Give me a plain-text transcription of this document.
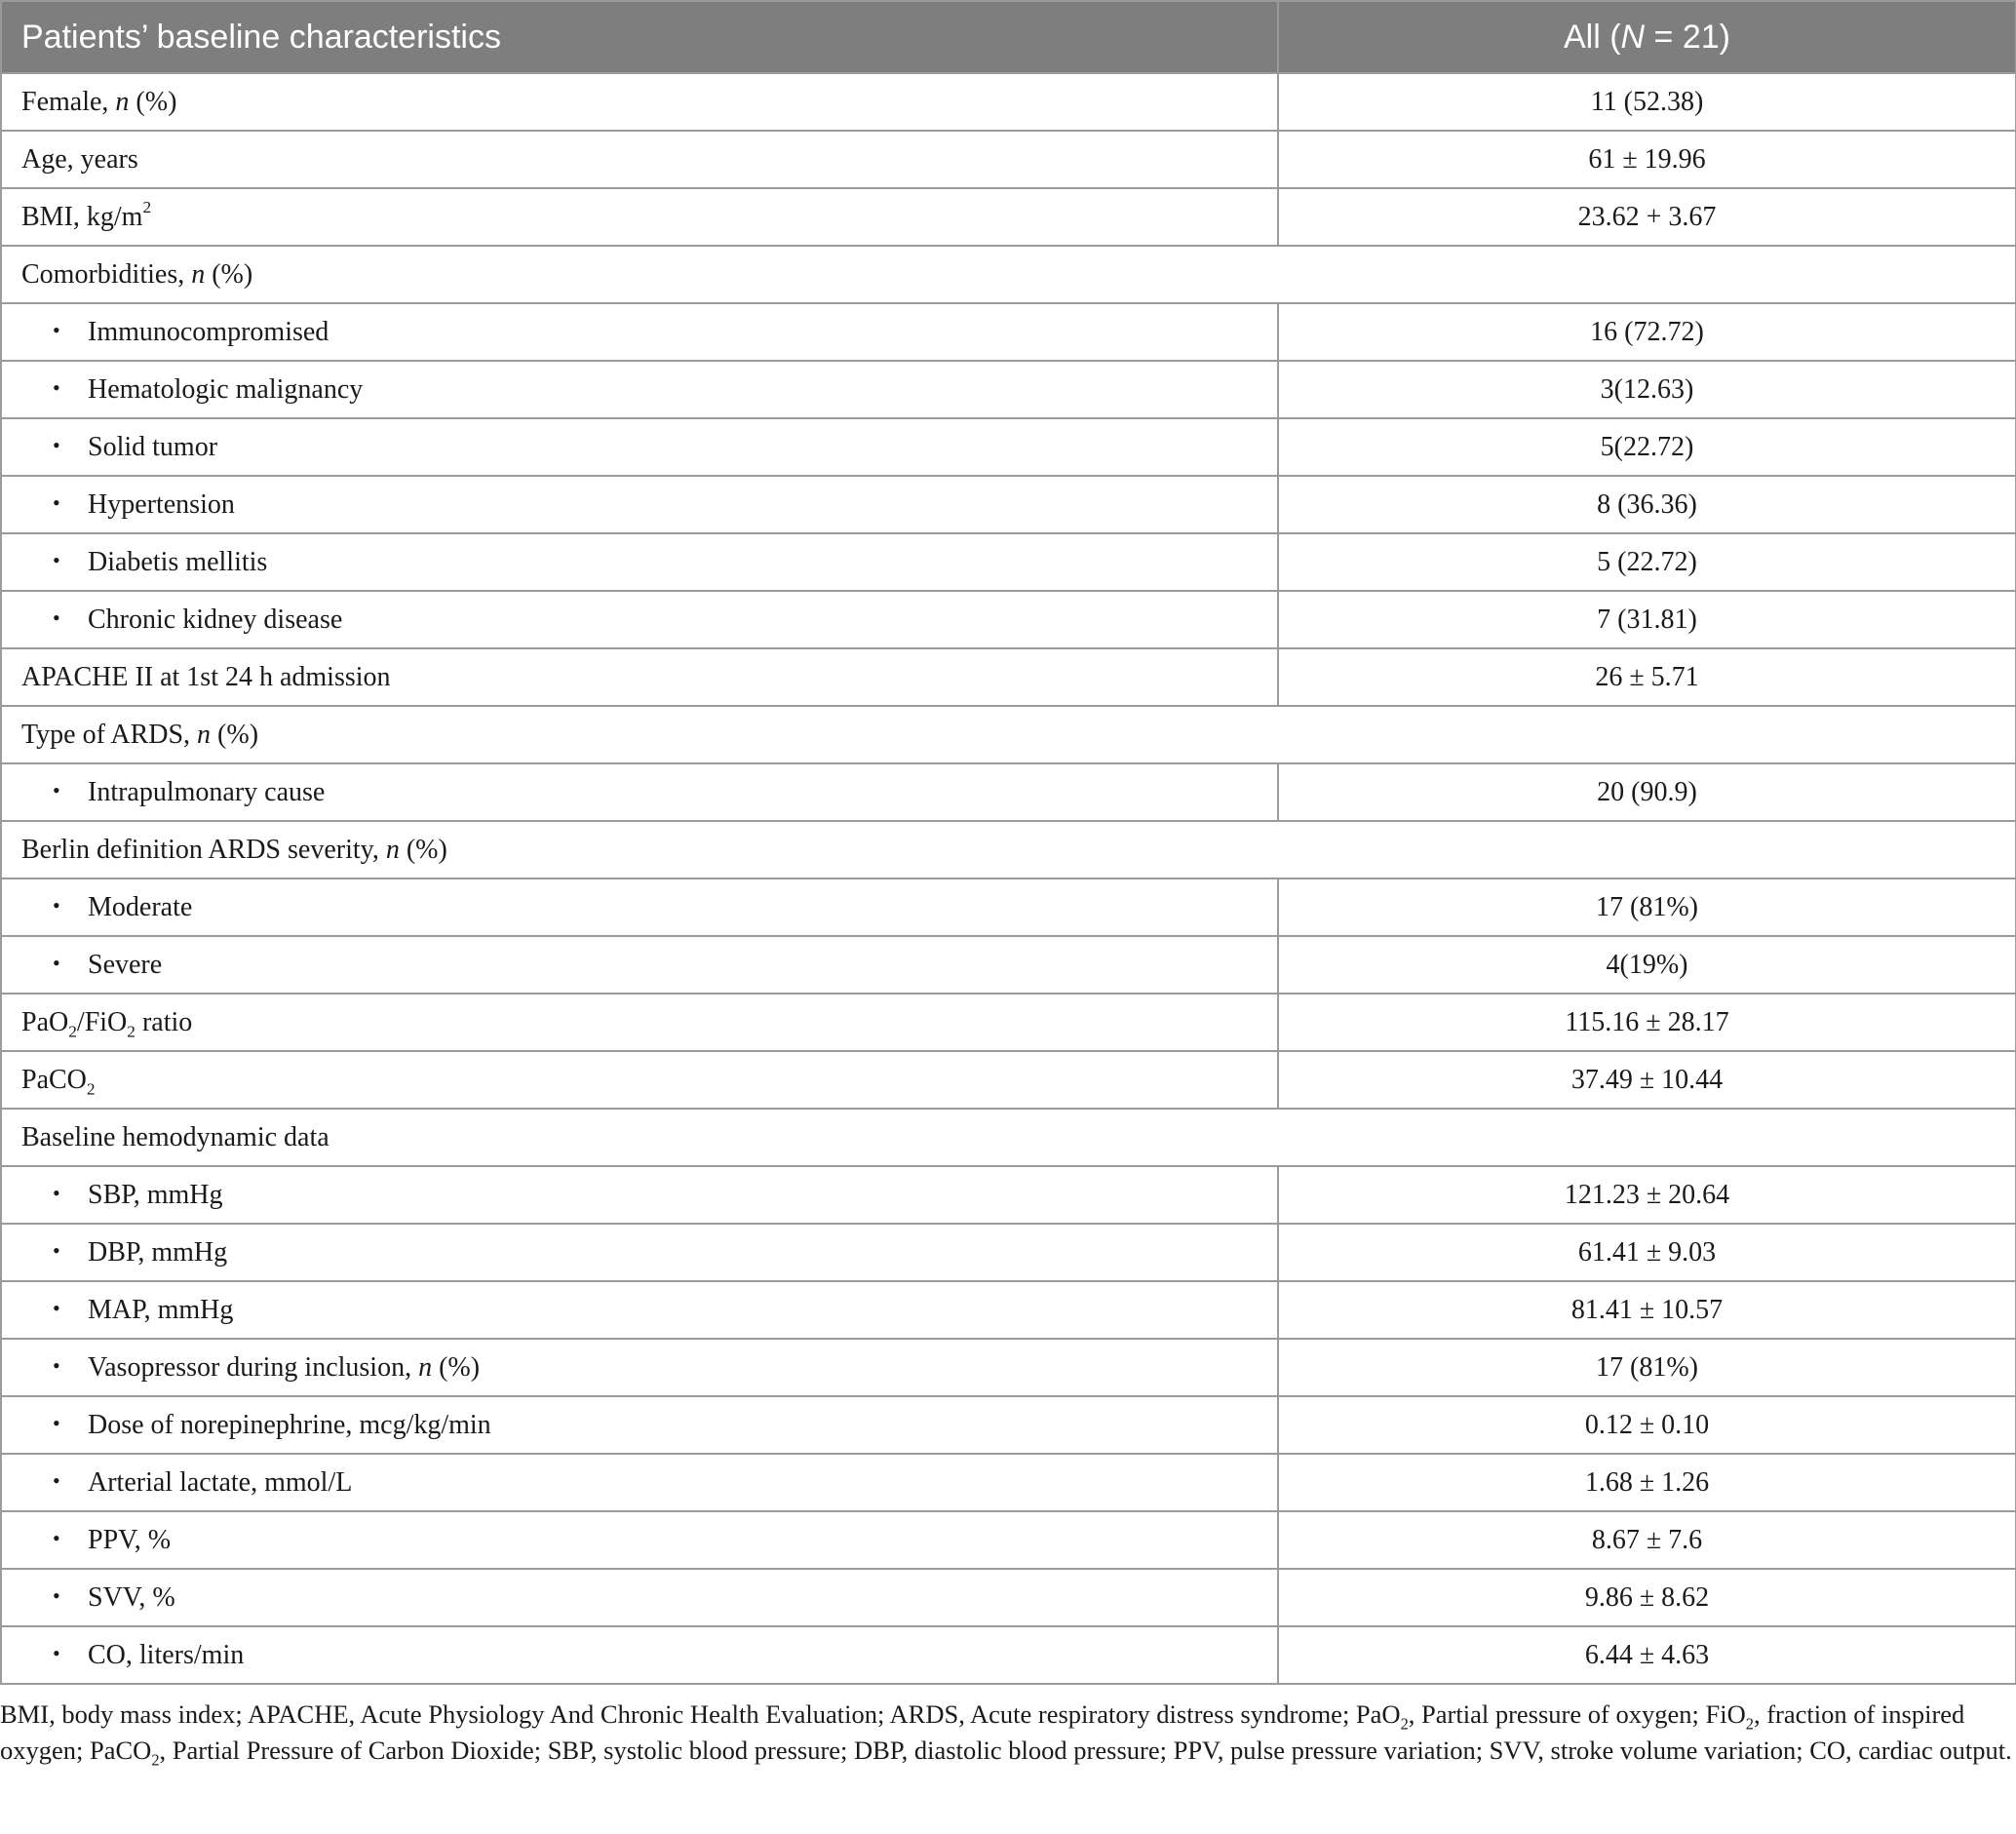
Patients’ baseline characteristics	All (N = 21)
Female, n (%)	11 (52.38)
Age, years	61 ± 19.96
BMI, $kg/m^2$	23.62 + 3.67
Comorbidities, n (%)	
• Immunocompromised	16 (72.72)
• Hematologic malignancy	3(12.63)
• Solid tumor	5(22.72)
• Hypertension	8 (36.36)
• Diabetis mellitis	5 (22.72)
• Chronic kidney disease	7 (31.81)
APACHE II at 1st 24 h admission	26 ± 5.71
Type of ARDS, n (%)	
• Intrapulmonary cause	20 (90.9)
Berlin definition ARDS severity, n (%)	
• Moderate	17 (81%)
• Severe	4(19%)
PaO$_2$/FiO$_2$ ratio	115.16 ± 28.17
PaCO$_2$	37.49 ± 10.44
Baseline hemodynamic data	
• SBP, mmHg	121.23 ± 20.64
• DBP, mmHg	61.41 ± 9.03
• MAP, mmHg	81.41 ± 10.57
• Vasopressor during inclusion, n (%)	17 (81%)
• Dose of norepinephrine, mcg/kg/min	0.12 ± 0.10
• Arterial lactate, mmol/L	1.68 ± 1.26
• PPV, %	8.67 ± 7.6
• SVV, %	9.86 ± 8.62
• CO, liters/min	6.44 ± 4.63

BMI, body mass index; APACHE, Acute Physiology And Chronic Health Evaluation; ARDS, Acute respiratory distress syndrome; PaO$_2$, Partial pressure of oxygen; FiO$_2$, fraction of inspired oxygen; PaCO$_2$, Partial Pressure of Carbon Dioxide; SBP, systolic blood pressure; DBP, diastolic blood pressure; PPV, pulse pressure variation; SVV, stroke volume variation; CO, cardiac output.
